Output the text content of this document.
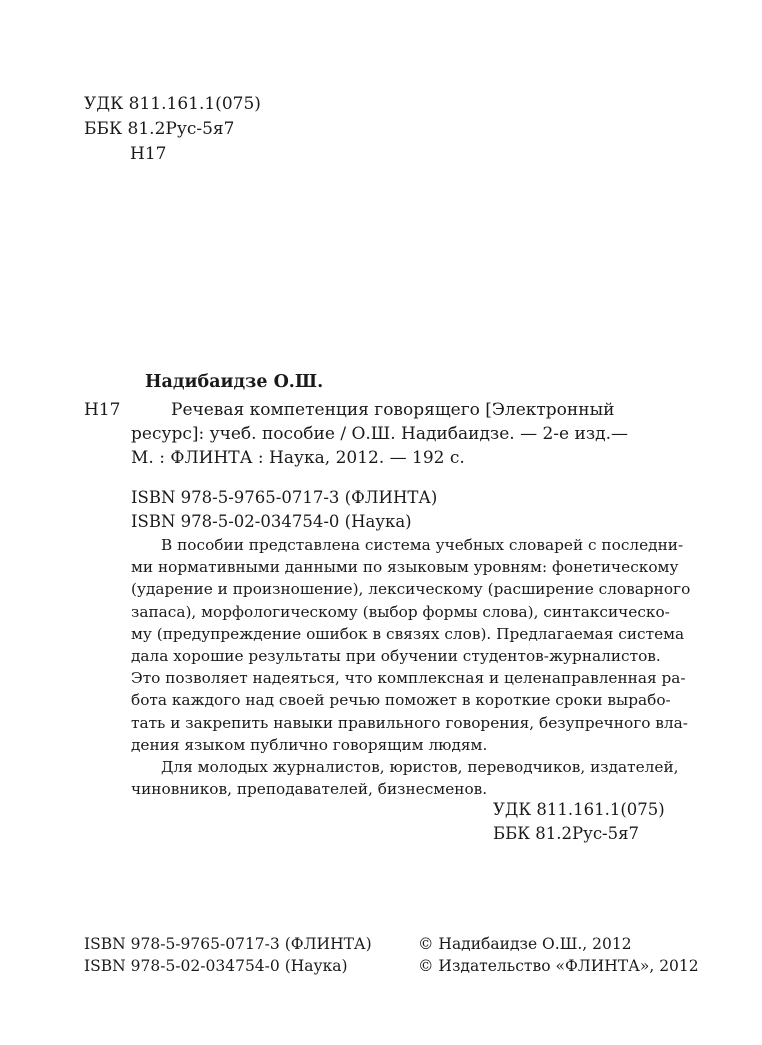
УДК 811.161.1(075)
ББК 81.2Рус-5я7
Н17
Надибаидзе О.Ш.
Н17	Речевая компетенция говорящего [Электронный
ресурс]: учеб. пособие / О.Ш. Надибаидзе. — 2-е изд.—
М. : ФЛИНТА : Наука, 2012. — 192 с.
ISBN 978-5-9765-0717-3 (ФЛИНТА)
ISBN 978-5-02-034754-0 (Наука)
В пособии представлена система учебных словарей с последни-
ми нормативными данными по языковым уровням: фонетическому
(ударение и произношение), лексическому (расширение словарного
запаса), морфологическому (выбор формы слова), синтаксическо-
му (предупреждение ошибок в связях слов). Предлагаемая система
дала хорошие результаты при обучении студентов-журналистов.
Это позволяет надеяться, что комплексная и целенаправленная ра-
бота каждого над своей речью поможет в короткие сроки вырабо-
тать и закрепить навыки правильного говорения, безупречного вла-
дения языком публично говорящим людям.
Для молодых журналистов, юристов, переводчиков, издателей,
чиновников, преподавателей, бизнесменов.
УДК 811.161.1(075)
ББК 81.2Рус-5я7
ISBN 978-5-9765-0717-3 (ФЛИНТА)
ISBN 978-5-02-034754-0 (Наука)
© Надибаидзе О.Ш., 2012
© Издательство «ФЛИНТА», 2012
